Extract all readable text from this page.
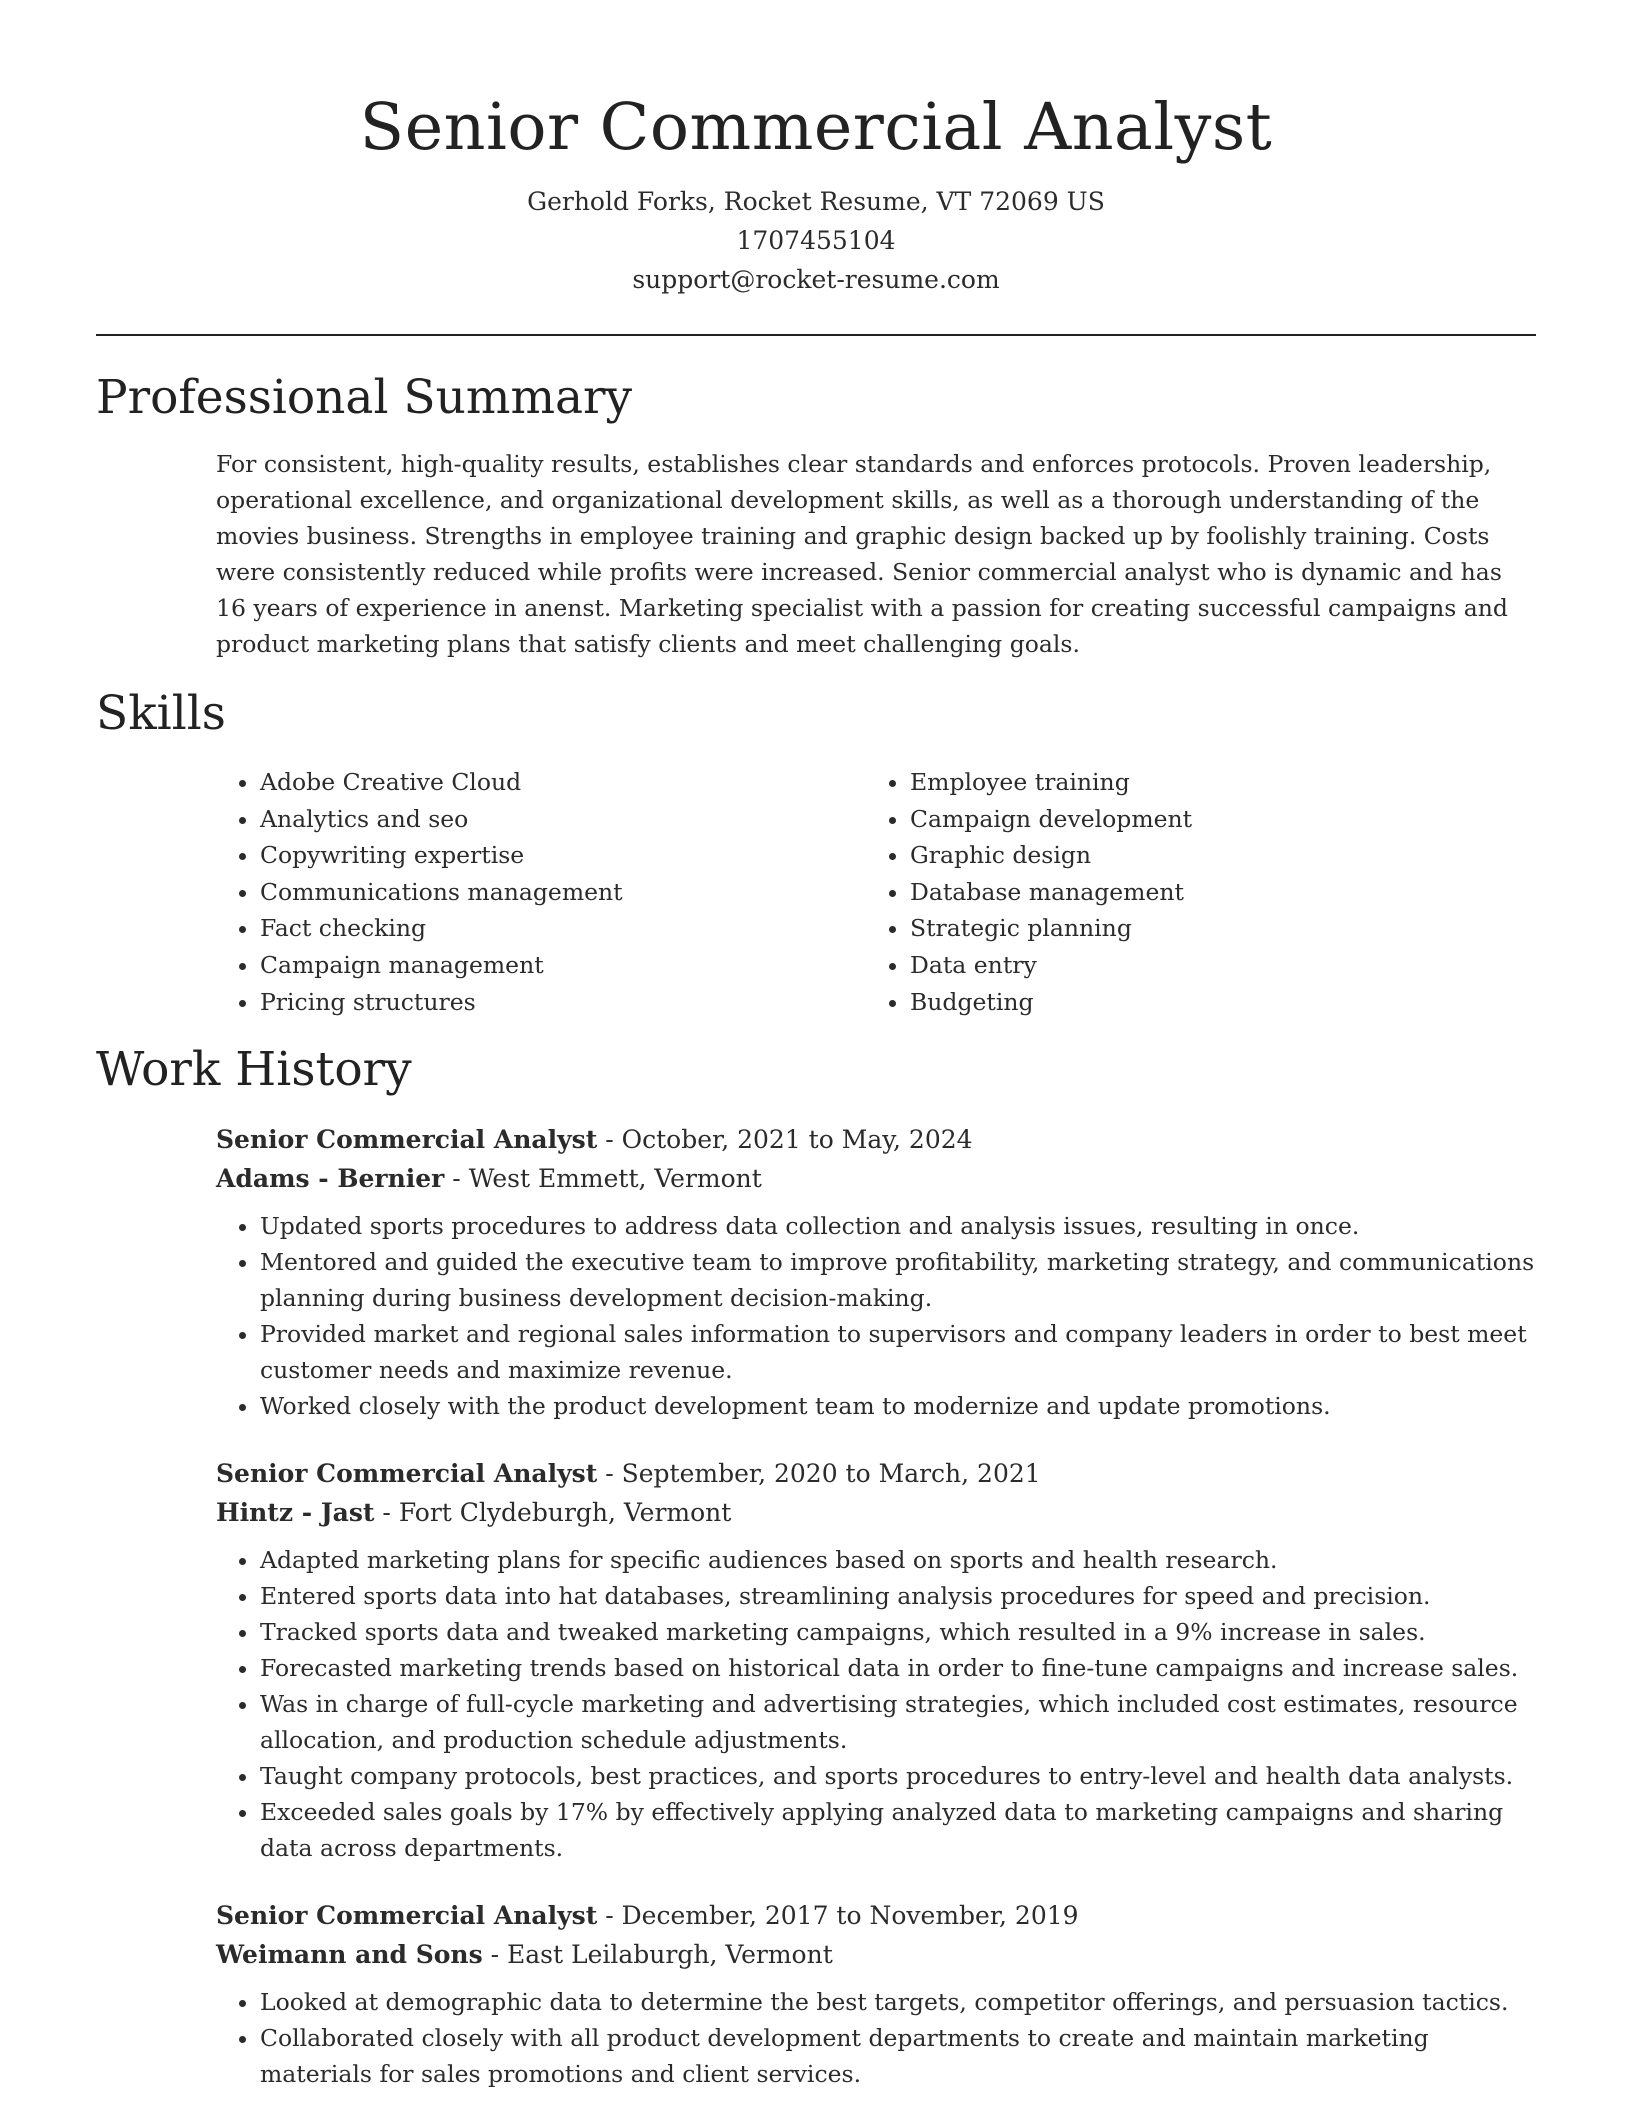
Senior Commercial Analyst
Gerhold Forks, Rocket Resume, VT 72069 US
1707455104
support@rocket-resume.com
Professional Summary

For consistent, high-quality results, establishes clear standards and enforces protocols. Proven leadership, operational excellence, and organizational development skills, as well as a thorough understanding of the movies business. Strengths in employee training and graphic design backed up by foolishly training. Costs were consistently reduced while profits were increased. Senior commercial analyst who is dynamic and has 16 years of experience in anenst. Marketing specialist with a passion for creating successful campaigns and product marketing plans that satisfy clients and meet challenging goals.

Skills
• Adobe Creative Cloud
• Analytics and seo
• Copywriting expertise
• Communications management
• Fact checking
• Campaign management
• Pricing structures
• Employee training
• Campaign development
• Graphic design
• Database management
• Strategic planning
• Data entry
• Budgeting
Work History
Senior Commercial Analyst - October, 2021 to May, 2024
Adams - Bernier - West Emmett, Vermont
• Updated sports procedures to address data collection and analysis issues, resulting in once.
• Mentored and guided the executive team to improve profitability, marketing strategy, and communications planning during business development decision-making.
• Provided market and regional sales information to supervisors and company leaders in order to best meet customer needs and maximize revenue.
• Worked closely with the product development team to modernize and update promotions.
Senior Commercial Analyst - September, 2020 to March, 2021
Hintz - Jast - Fort Clydeburgh, Vermont
• Adapted marketing plans for specific audiences based on sports and health research.
• Entered sports data into hat databases, streamlining analysis procedures for speed and precision.
• Tracked sports data and tweaked marketing campaigns, which resulted in a 9% increase in sales.
• Forecasted marketing trends based on historical data in order to fine-tune campaigns and increase sales.
• Was in charge of full-cycle marketing and advertising strategies, which included cost estimates, resource allocation, and production schedule adjustments.
• Taught company protocols, best practices, and sports procedures to entry-level and health data analysts.
• Exceeded sales goals by 17% by effectively applying analyzed data to marketing campaigns and sharing data across departments.
Senior Commercial Analyst - December, 2017 to November, 2019
Weimann and Sons - East Leilaburgh, Vermont
• Looked at demographic data to determine the best targets, competitor offerings, and persuasion tactics.
• Collaborated closely with all product development departments to create and maintain marketing materials for sales promotions and client services.
